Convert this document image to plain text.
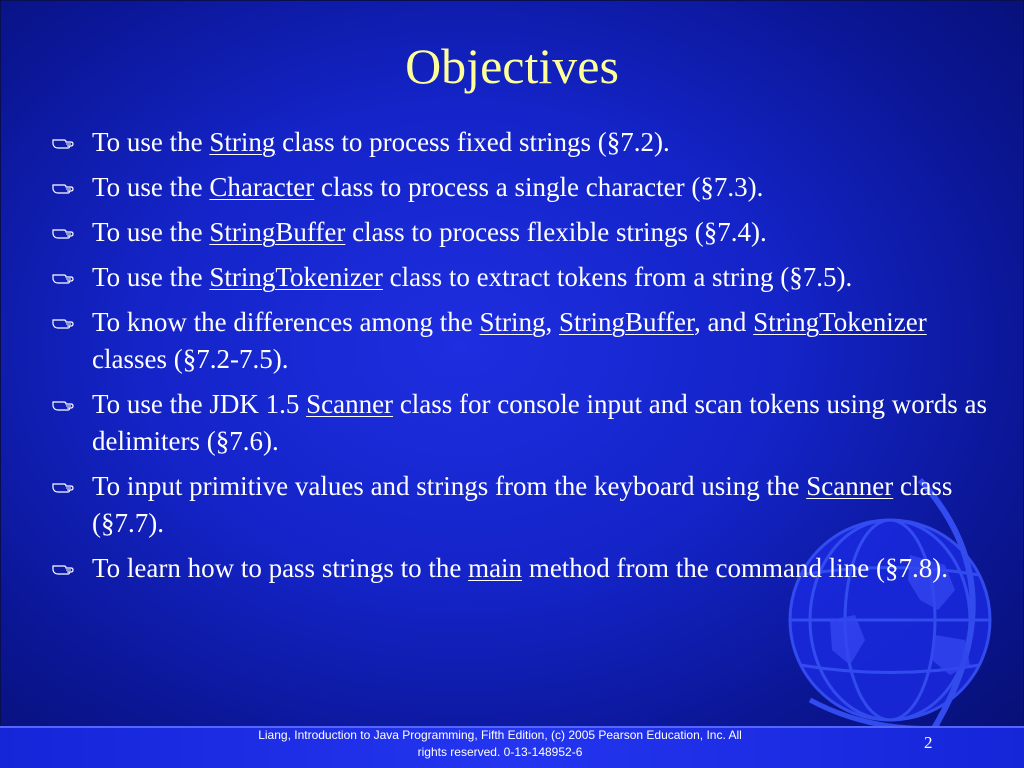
Objectives
To use the String class to process fixed strings (§7.2).
To use the Character class to process a single character (§7.3).
To use the StringBuffer class to process flexible strings (§7.4).
To use the StringTokenizer class to extract tokens from a string (§7.5).
To know the differences among the String, StringBuffer, and StringTokenizer classes (§7.2-7.5).
To use the JDK 1.5 Scanner class for console input and scan tokens using words as delimiters (§7.6).
To input primitive values and strings from the keyboard using the Scanner class (§7.7).
To learn how to pass strings to the main method from the command line (§7.8).
Liang, Introduction to Java Programming, Fifth Edition, (c) 2005 Pearson Education, Inc. All
rights reserved. 0-13-148952-6	2
